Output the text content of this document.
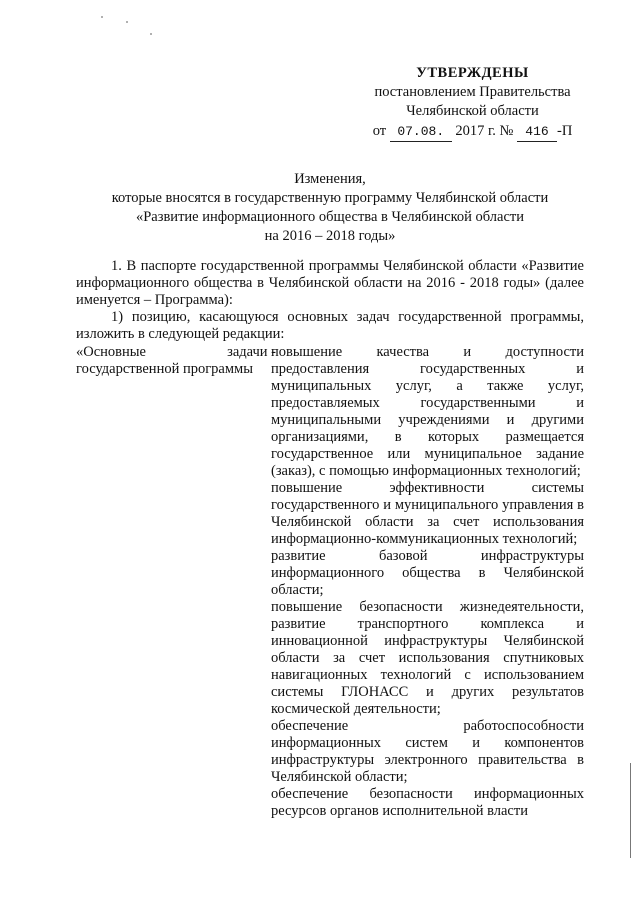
УТВЕРЖДЕНЫ
постановлением Правительства
Челябинской области
от 07.08. 2017 г. № 416 -П
Изменения,
которые вносятся в государственную программу Челябинской области
«Развитие информационного общества в Челябинской области
на 2016 – 2018 годы»

1. В паспорте государственной программы Челябинской области «Развитие информационного общества в Челябинской области на 2016 - 2018 годы» (далее именуется – Программа):

1) позицию, касающуюся основных задач государственной программы, изложить в следующей редакции:

«Основные	задачи -
государственной программы

повышение качества и доступности предоставления государственных и муниципальных услуг, а также услуг, предоставляемых государственными и муниципальными учреждениями и другими организациями, в которых размещается государственное или муниципальное задание (заказ), с помощью информационных технологий;

повышение эффективности системы государственного и муниципального управления в Челябинской области за счет использования информационно-коммуникационных технологий;

развитие базовой инфраструктуры информационного общества в Челябинской области;

повышение безопасности жизнедеятельности, развитие транспортного комплекса и инновационной инфраструктуры Челябинской области за счет использования спутниковых навигационных технологий с использованием системы ГЛОНАСС и других результатов космической деятельности;

обеспечение работоспособности информационных систем и компонентов инфраструктуры электронного правительства в Челябинской области;

обеспечение безопасности информационных ресурсов органов исполнительной власти
